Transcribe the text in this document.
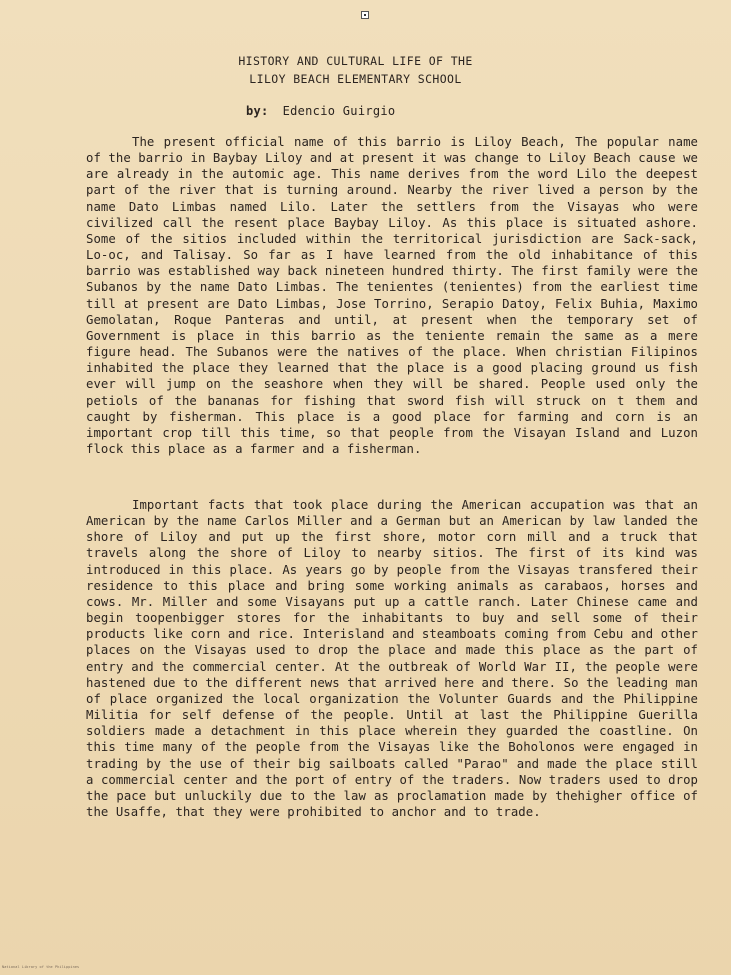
HISTORY AND CULTURAL LIFE OF THE
LILOY BEACH ELEMENTARY SCHOOL
by: Edencio Guirgio

The present official name of this barrio is Liloy Beach, The popular name of the barrio in Baybay Liloy and at present it was change to Liloy Beach cause we are already in the automic age. This name derives from the word Lilo the deepest part of the river that is turning around. Nearby the river lived a person by the name Dato Limbas named Lilo. Later the settlers from the Visayas who were civilized call the resent place Baybay Liloy. As this place is situated ashore. Some of the sitios included within the territorical jurisdiction are Sack-sack, Lo-oc, and Talisay. So far as I have learned from the old inhabitance of this barrio was established way back nineteen hundred thirty. The first family were the Subanos by the name Dato Limbas. The tenientes (tenientes) from the earliest time till at present are Dato Limbas, Jose Torrino, Serapio Datoy, Felix Buhia, Maximo Gemolatan, Roque Panteras and until, at present when the temporary set of Government is place in this barrio as the teniente remain the same as a mere figure head. The Subanos were the natives of the place. When christian Filipinos inhabited the place they learned that the place is a good placing ground us fish ever will jump on the seashore when they will be shared. People used only the petiols of the bananas for fishing that sword fish will struck on t them and caught by fisherman. This place is a good place for farming and corn is an important crop till this time, so that people from the Visayan Island and Luzon flock this place as a farmer and a fisherman.

Important facts that took place during the American accupation was that an American by the name Carlos Miller and a German but an American by law landed the shore of Liloy and put up the first shore, motor corn mill and a truck that travels along the shore of Liloy to nearby sitios. The first of its kind was introduced in this place. As years go by people from the Visayas transfered their residence to this place and bring some working animals as carabaos, horses and cows. Mr. Miller and some Visayans put up a cattle ranch. Later Chinese came and begin toopenbigger stores for the inhabitants to buy and sell some of their products like corn and rice. Interisland and steamboats coming from Cebu and other places on the Visayas used to drop the place and made this place as the part of entry and the commercial center. At the outbreak of World War II, the people were hastened due to the different news that arrived here and there. So the leading man of place organized the local organization the Volunter Guards and the Philippine Militia for self defense of the people. Until at last the Philippine Guerilla soldiers made a detachment in this place wherein they guarded the coastline. On this time many of the people from the Visayas like the Boholonos were engaged in trading by the use of their big sailboats called "Parao" and made the place still a commercial center and the port of entry of the traders. Now traders used to drop the pace but unluckily due to the law as proclamation made by thehigher office of the Usaffe, that they were prohibited to anchor and to trade.

National Library of the Philippines
